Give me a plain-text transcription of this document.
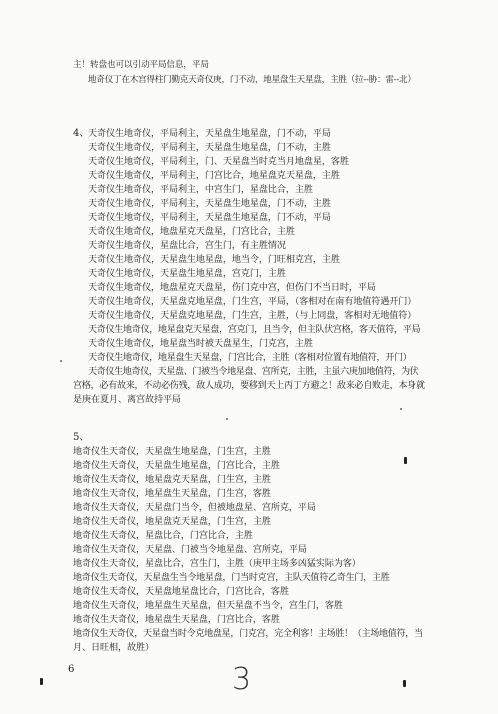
主！转盘也可以引动平局信息，平局
地奇仪丁在木宫得柱门勤克天奇仪庚，门不动，地星盘生天星盘，主胜（拉--胁：雷--北）
4、
天奇仪生地奇仪，平局利主，天星盘生地星盘，门不动，平局
天奇仪生地奇仪，平局利主，天星盘生地星盘，门不动，主胜
天奇仪生地奇仪，平局利主，门、天星盘当时克当月地盘星，客胜
天奇仪生地奇仪，平局利主，门宫比合，地星盘克天星盘，主胜
天奇仪生地奇仪，平局利主，中宫生门，星盘比合，主胜
天奇仪生地奇仪，平局利主，天星盘生地星盘，门不动，主胜
天奇仪生地奇仪，平局利主，天星盘生地星盘，门不动，平局
天奇仪生地奇仪，地盘星克天盘星，门宫比合，主胜
天奇仪生地奇仪，星盘比合，宫生门，有主胜情况
天奇仪生地奇仪，天星盘生地星盘，地当令，门旺相克宫，主胜
天奇仪生地奇仪，天星盘生地星盘，宫克门，主胜
天奇仪生地奇仪，地盘星克天盘星，伤门克中宫，但伤门不当日时，平局
天奇仪生地奇仪，天星盘克地星盘，门生宫，平局，（客相对在南有地值符遇开门）
天奇仪生地奇仪，天星盘克地星盘，门生宫，主胜，（与上同盘，客相对无地值符）
天奇仪生地奇仪，地星盘克天星盘，宫克门，且当令，但主队伏宫格，客天值符，平局
天奇仪生地奇仪，地星盘当时被天盘星生，门克宫，主胜
天奇仪生地奇仪，地星盘生天星盘，门宫比合，主胜（客相对位置有地值符，开门）
天奇仪生地奇仪，天星盘、门被当令地星盘、宫所克，主胜，主虽六庚加地值符，为伏
宫格，必有故来，不动必伤残，敌人成功，要移到天上丙丁方避之！敌来必自败走，本身就
是庚在夏月、离宫故持平局
5、
地奇仪生天奇仪，天星盘生地星盘，门生宫，主胜
地奇仪生天奇仪，天星盘生地星盘，门宫比合，主胜
地奇仪生天奇仪，地星盘克天星盘，门生宫，主胜
地奇仪生天奇仪，地星盘生天星盘，门生宫，客胜
地奇仪生天奇仪，天星盘门当令，但被地盘星、宫所克，平局
地奇仪生天奇仪，地星盘克天星盘，门生宫，主胜
地奇仪生天奇仪，星盘比合，门宫比合，主胜
地奇仪生天奇仪，天星盘、门被当令地星盘、宫所克，平局
地奇仪生天奇仪，星盘比合，宫生门，主胜（庚甲主场多凶猛实际为客）
地奇仪生天奇仪，天星盘生当令地星盘，门当时克宫，主队天值符乙奇生门，主胜
地奇仪生天奇仪，天星盘地星盘比合，门宫比合，客胜
地奇仪生天奇仪，地星盘生天星盘，但天星盘不当令，宫生门，客胜
地奇仪生天奇仪，地星盘生天星盘，门宫比合，客胜
地奇仪生天奇仪，天星盘当时令克地盘星，门克宫，完全利客！主场胜！（主场地值符，当
月、日旺相，故胜）
6	3
